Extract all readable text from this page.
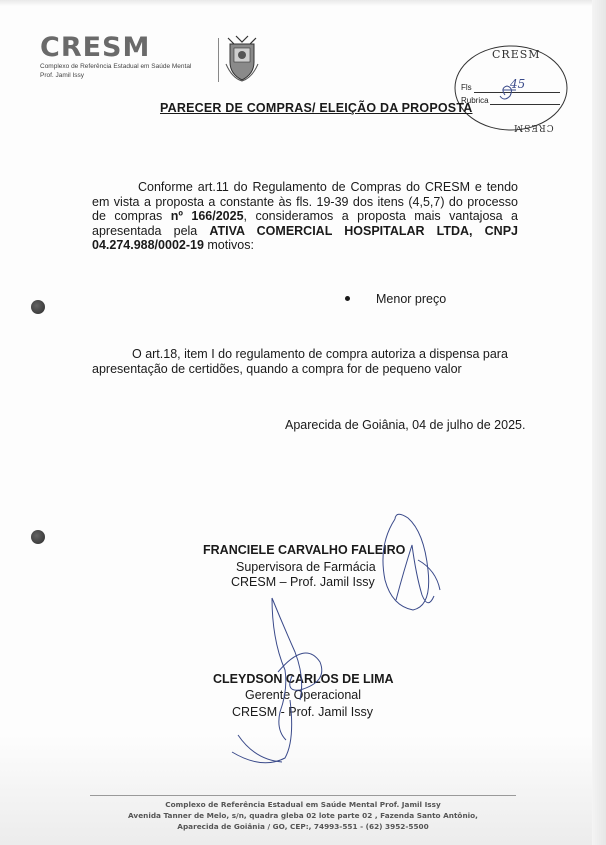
CRESM
Complexo de Referência Estadual em Saúde Mental
Prof. Jamil Issy
CRESM
CRESM
Fls	45
Rubrica
PARECER DE COMPRAS/ ELEIÇÃO DA PROPOSTA
Conforme art.11 do Regulamento de Compras do CRESM e tendo em vista a proposta a constante às fls. 19-39 dos itens (4,5,7) do processo de compras nº 166/2025, consideramos a proposta mais vantajosa a apresentada pela ATIVA COMERCIAL HOSPITALAR LTDA, CNPJ 04.274.988/0002-19 motivos:
Menor preço
O art.18, item I do regulamento de compra autoriza a dispensa para apresentação de certidões, quando a compra for de pequeno valor
Aparecida de Goiânia, 04 de julho de 2025.
FRANCIELE CARVALHO FALEIRO
Supervisora de Farmácia
CRESM – Prof. Jamil Issy
CLEYDSON CARLOS DE LIMA
Gerente Operacional
CRESM - Prof. Jamil Issy
Complexo de Referência Estadual em Saúde Mental Prof. Jamil Issy
Avenida Tanner de Melo, s/n, quadra gleba 02 lote parte 02 , Fazenda Santo Antônio,
Aparecida de Goiânia / GO, CEP:, 74993-551 - (62) 3952-5500
